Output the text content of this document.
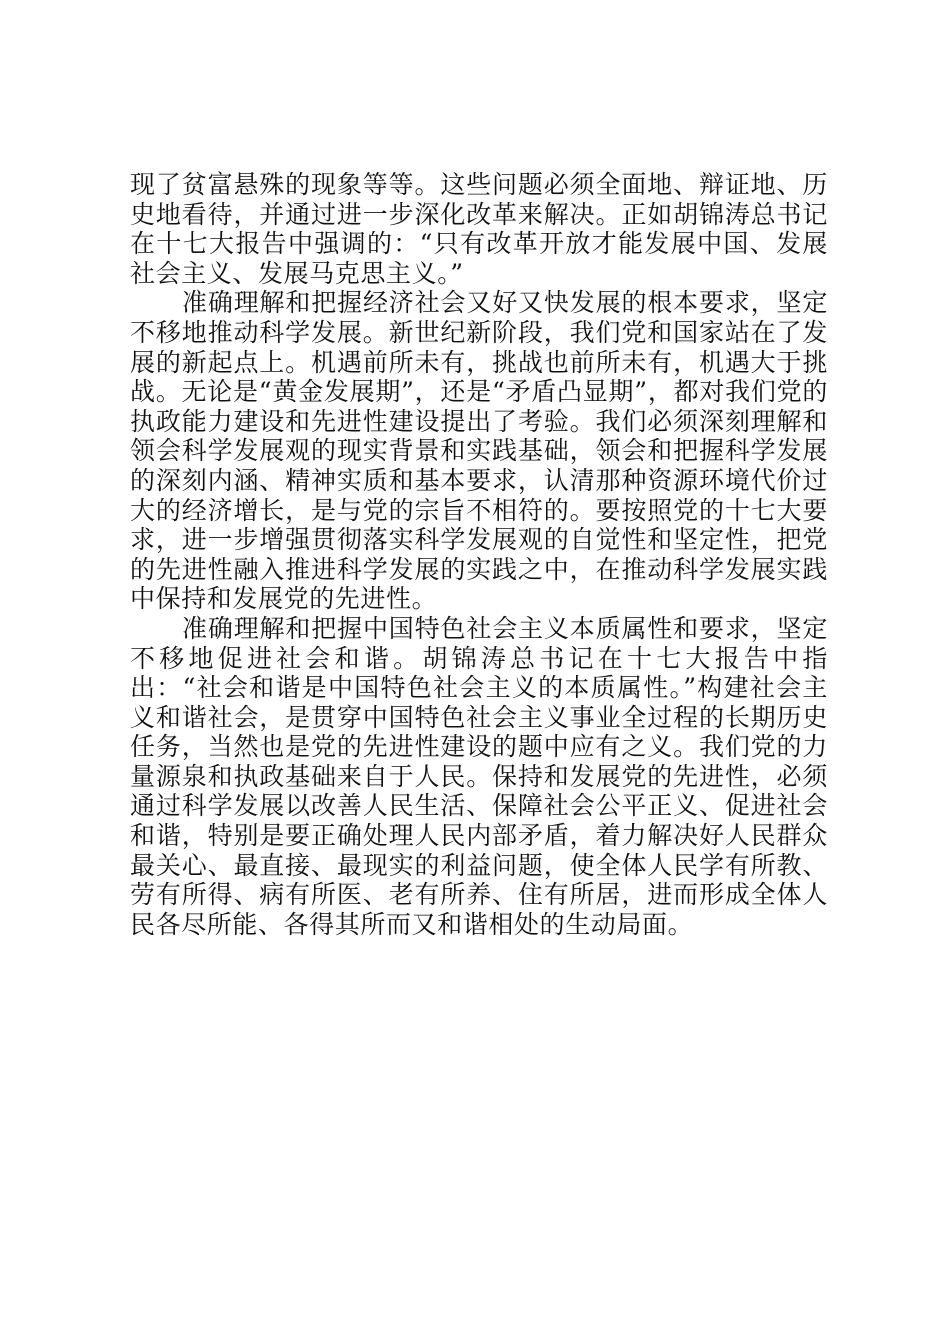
现了贫富悬殊的现象等等。这些问题必须全面地、辩证地、历史地看待，并通过进一步深化改革来解决。正如胡锦涛总书记在十七大报告中强调的：“只有改革开放才能发展中国、发展社会主义、发展马克思主义。”

准确理解和把握经济社会又好又快发展的根本要求，坚定不移地推动科学发展。新世纪新阶段，我们党和国家站在了发展的新起点上。机遇前所未有，挑战也前所未有，机遇大于挑战。无论是“黄金发展期”，还是“矛盾凸显期”，都对我们党的执政能力建设和先进性建设提出了考验。我们必须深刻理解和领会科学发展观的现实背景和实践基础，领会和把握科学发展的深刻内涵、精神实质和基本要求，认清那种资源环境代价过大的经济增长，是与党的宗旨不相符的。要按照党的十七大要求，进一步增强贯彻落实科学发展观的自觉性和坚定性，把党的先进性融入推进科学发展的实践之中，在推动科学发展实践中保持和发展党的先进性。

准确理解和把握中国特色社会主义本质属性和要求，坚定不移地促进社会和谐。胡锦涛总书记在十七大报告中指出：“社会和谐是中国特色社会主义的本质属性。”构建社会主义和谐社会，是贯穿中国特色社会主义事业全过程的长期历史任务，当然也是党的先进性建设的题中应有之义。我们党的力量源泉和执政基础来自于人民。保持和发展党的先进性，必须通过科学发展以改善人民生活、保障社会公平正义、促进社会和谐，特别是要正确处理人民内部矛盾，着力解决好人民群众最关心、最直接、最现实的利益问题，使全体人民学有所教、劳有所得、病有所医、老有所养、住有所居，进而形成全体人民各尽所能、各得其所而又和谐相处的生动局面。
